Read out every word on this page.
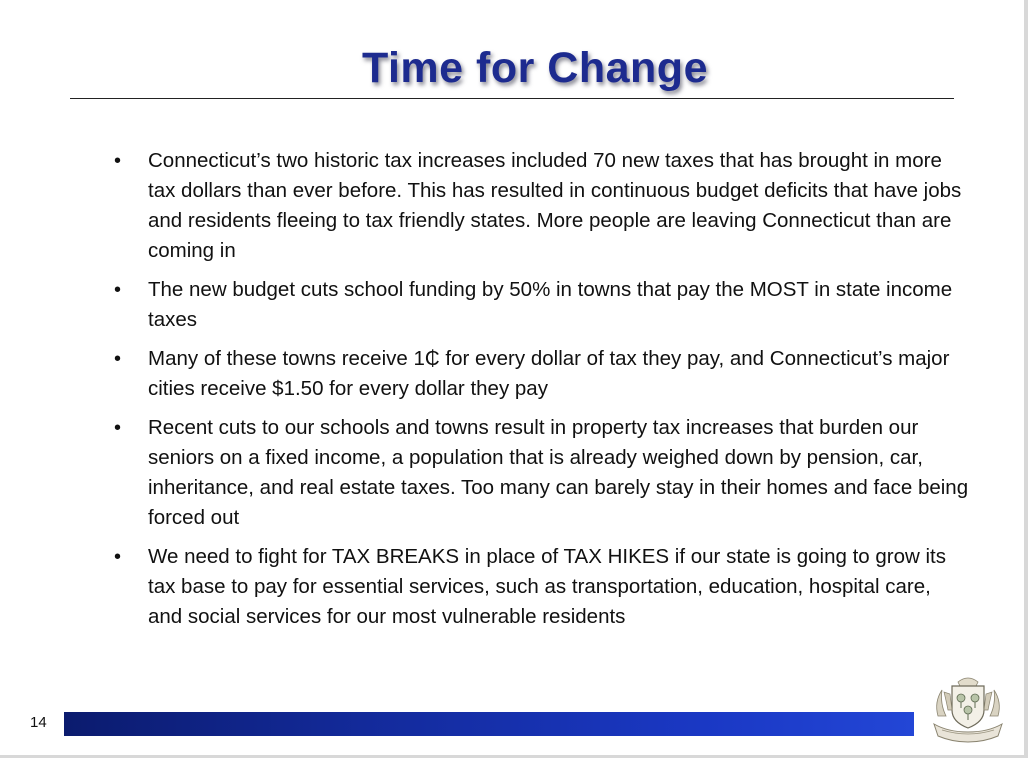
Time for Change
• Connecticut’s two historic tax increases included 70 new taxes that has brought in more tax dollars than ever before. This has resulted in continuous budget deficits that have jobs and residents fleeing to tax friendly states. More people are leaving Connecticut than are coming in
• The new budget cuts school funding by 50% in towns that pay the MOST in state income taxes
• Many of these towns receive 1₵ for every dollar of tax they pay, and Connecticut’s major cities receive $1.50 for every dollar they pay
• Recent cuts to our schools and towns result in property tax increases that burden our seniors on a fixed income, a population that is already weighed down by pension, car, inheritance, and real estate taxes. Too many can barely stay in their homes and face being forced out
• We need to fight for TAX BREAKS in place of TAX HIKES if our state is going to grow its tax base to pay for essential services, such as transportation, education, hospital care, and social services for our most vulnerable residents
14
